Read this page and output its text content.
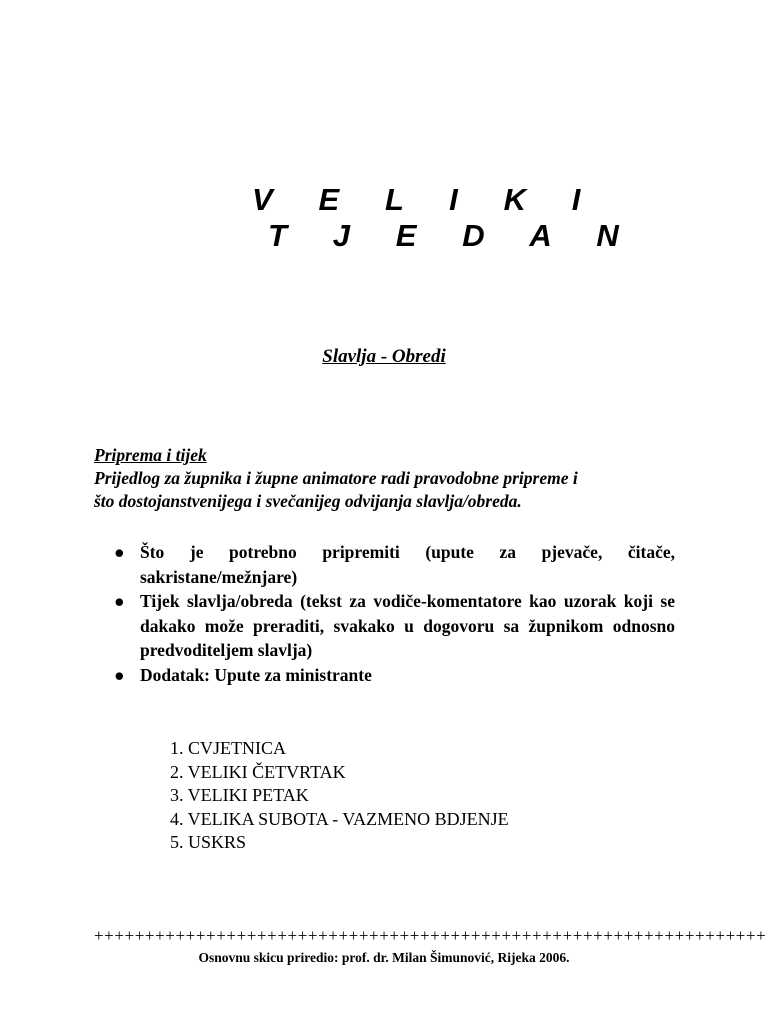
V E L I K I
T J E D A N
Slavlja - Obredi
Priprema i tijek
Prijedlog za župnika i župne animatore radi pravodobne pripreme i
što dostojanstvenijega i svečanijeg odvijanja slavlja/obreda.
● Što je potrebno pripremiti (upute za pjevače, čitače, sakristane/mežnjare)
● Tijek slavlja/obreda (tekst za vodiče-komentatore kao uzorak koji se dakako može preraditi, svakako u dogovoru sa župnikom odnosno predvoditeljem slavlja)
● Dodatak: Upute za ministrante
1. CVJETNICA
2. VELIKI ČETVRTAK
3. VELIKI PETAK
4. VELIKA SUBOTA - VAZMENO BDJENJE
5. USKRS
++++++++++++++++++++++++++++++++++++++++++++++++++++++++++++++++++
Osnovnu skicu priredio: prof. dr. Milan Šimunović, Rijeka 2006.
